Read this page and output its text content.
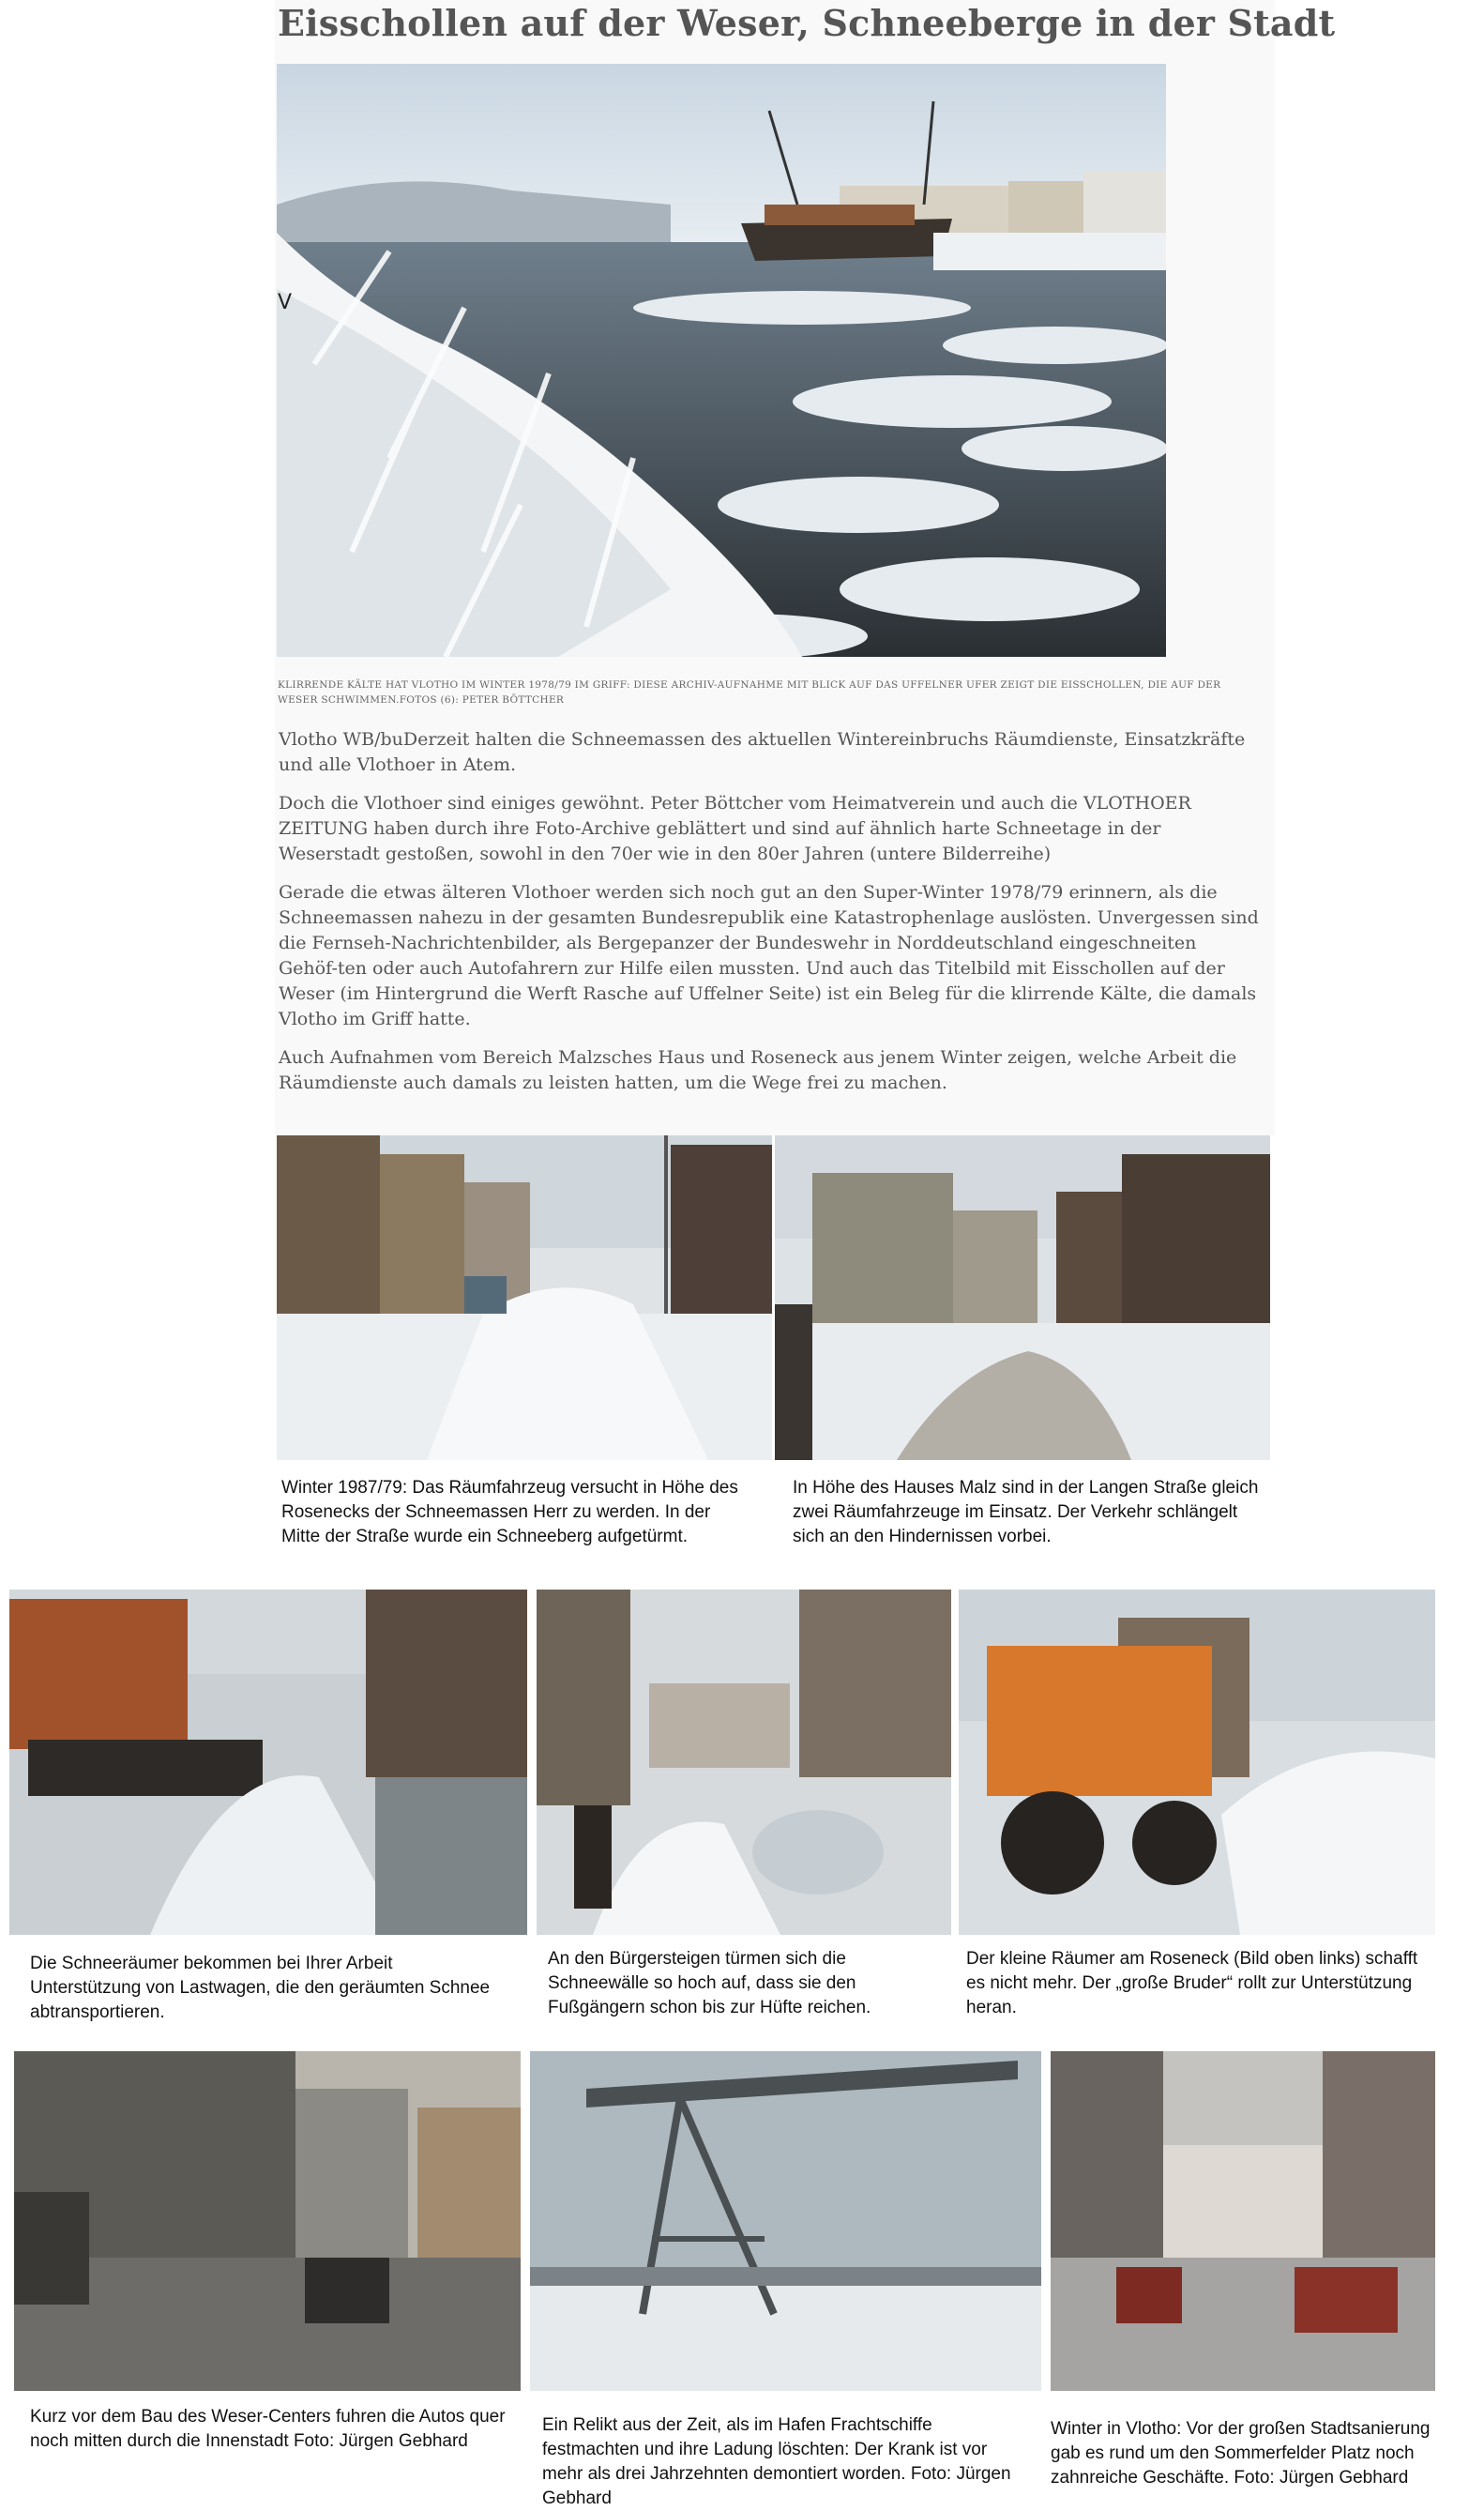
Eisschollen auf der Weser, Schneeberge in der Stadt
V
KLIRRENDE KÄLTE HAT VLOTHO IM WINTER 1978/79 IM GRIFF: DIESE ARCHIV-AUFNAHME MIT BLICK AUF DAS UFFELNER UFER ZEIGT DIE EISSCHOLLEN, DIE AUF DER WESER SCHWIMMEN.FOTOS (6): PETER BÖTTCHER

Vlotho WB/buDerzeit halten die Schneemassen des aktuellen Wintereinbruchs Räumdienste, Einsatzkräfte und alle Vlothoer in Atem.

Doch die Vlothoer sind einiges gewöhnt. Peter Böttcher vom Heimatverein und auch die VLOTHOER ZEITUNG haben durch ihre Foto-Archive geblättert und sind auf ähnlich harte Schneetage in der Weserstadt gestoßen, sowohl in den 70er wie in den 80er Jahren (untere Bilderreihe)

Gerade die etwas älteren Vlothoer werden sich noch gut an den Super-Winter 1978/79 erinnern, als die Schneemassen nahezu in der gesamten Bundesrepublik eine Katastrophenlage auslösten. Unvergessen sind die Fernseh-Nachrichtenbilder, als Bergepanzer der Bundeswehr in Norddeutschland eingeschneiten Gehöf-ten oder auch Autofahrern zur Hilfe eilen mussten. Und auch das Titelbild mit Eisschollen auf der Weser (im Hintergrund die Werft Rasche auf Uffelner Seite) ist ein Beleg für die klirrende Kälte, die damals Vlotho im Griff hatte.

Auch Aufnahmen vom Bereich Malzsches Haus und Roseneck aus jenem Winter zeigen, welche Arbeit die Räumdienste auch damals zu leisten hatten, um die Wege frei zu machen.

Winter 1987/79: Das Räumfahrzeug versucht in Höhe des Rosenecks der Schneemassen Herr zu werden. In der Mitte der Straße wurde ein Schneeberg aufgetürmt.
In Höhe des Hauses Malz sind in der Langen Straße gleich zwei Räumfahrzeuge im Einsatz. Der Verkehr schlängelt sich an den Hindernissen vorbei.
Die Schneeräumer bekommen bei Ihrer Arbeit Unterstützung von Lastwagen, die den geräumten Schnee abtransportieren.
An den Bürgersteigen türmen sich die Schneewälle so hoch auf, dass sie den Fußgängern schon bis zur Hüfte reichen.
Der kleine Räumer am Roseneck (Bild oben links) schafft es nicht mehr. Der „große Bruder“ rollt zur Unterstützung heran.
Kurz vor dem Bau des Weser-Centers fuhren die Autos quer noch mitten durch die Innenstadt Foto: Jürgen Gebhard
Ein Relikt aus der Zeit, als im Hafen Frachtschiffe festmachten und ihre Ladung löschten: Der Krank ist vor mehr als drei Jahrzehnten demontiert worden. Foto: Jürgen Gebhard
Winter in Vlotho: Vor der großen Stadtsanierung gab es rund um den Sommerfelder Platz noch zahnreiche Geschäfte. Foto: Jürgen Gebhard
